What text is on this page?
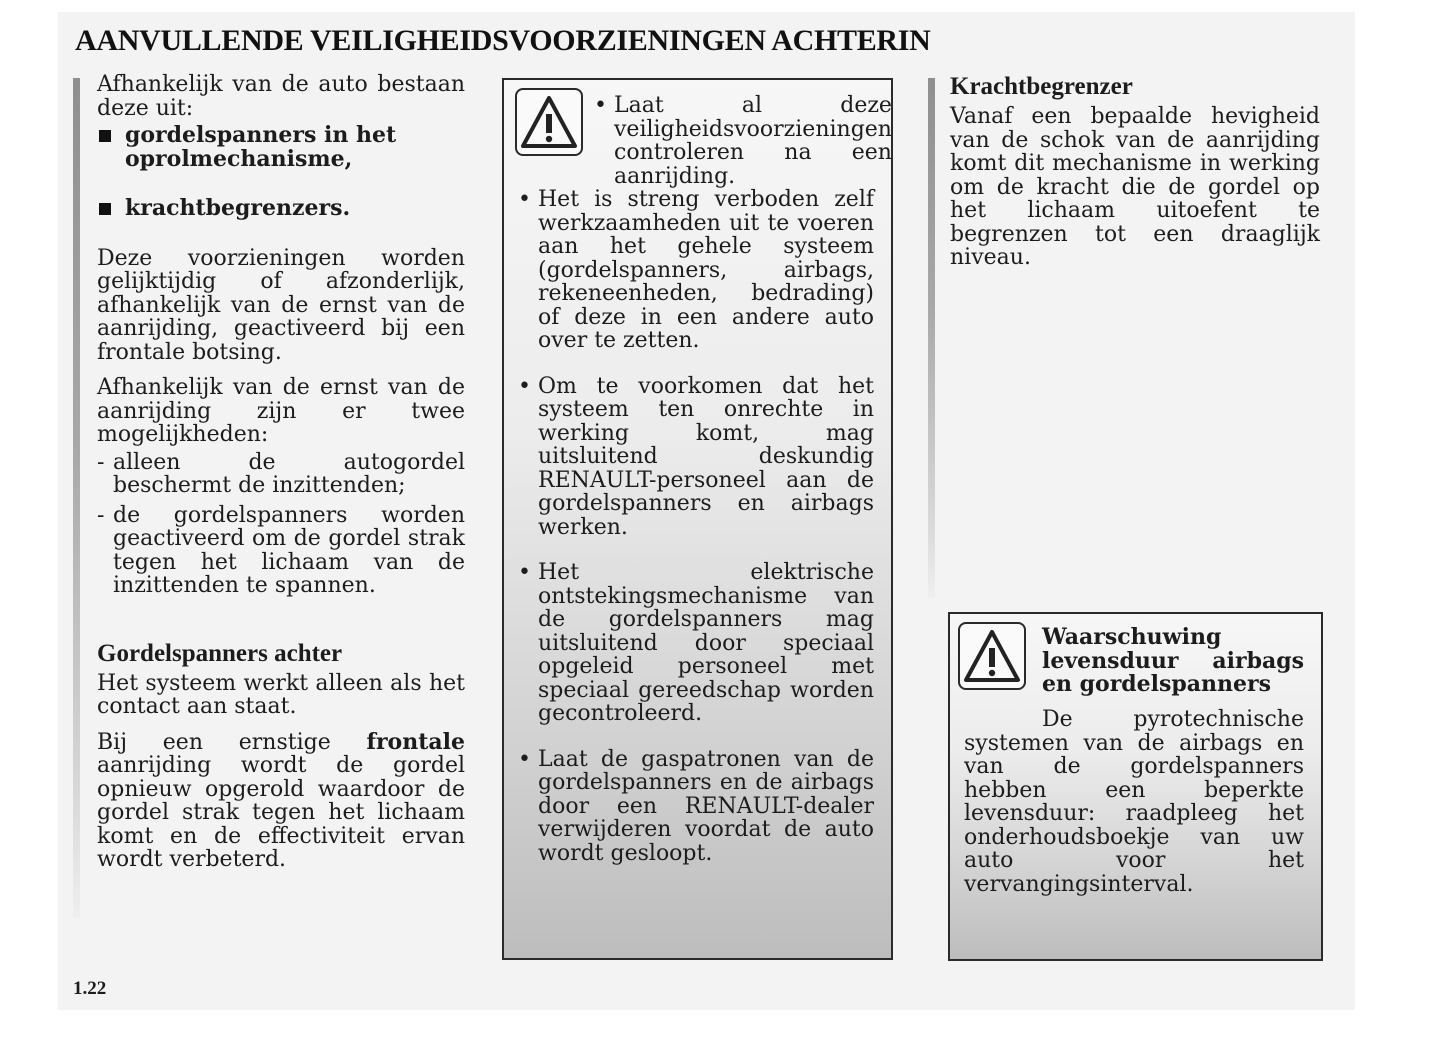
AANVULLENDE VEILIGHEIDSVOORZIENINGEN ACHTERIN

Afhankelijk van de auto bestaan deze uit:

gordelspanners in het oprolmechanisme,
krachtbegrenzers.

Deze voorzieningen worden gelijktijdig of afzonderlijk, afhankelijk van de ernst van de aanrijding, geactiveerd bij een frontale botsing.

Afhankelijk van de ernst van de aanrijding zijn er twee mogelijkheden:

- alleen de autogordel beschermt de inzittenden;
- de gordelspanners worden geactiveerd om de gordel strak tegen het lichaam van de inzittenden te spannen.
Gordelspanners achter

Het systeem werkt alleen als het contact aan staat.

Bij een ernstige frontale aanrijding wordt de gordel opnieuw opgerold waardoor de gordel strak tegen het lichaam komt en de effectiviteit ervan wordt verbeterd.

• Laat al deze veiligheidsvoorzieningen controleren na een aanrijding.
• Het is streng verboden zelf werkzaamheden uit te voeren aan het gehele systeem (gordelspanners, airbags, rekeneenheden, bedrading) of deze in een andere auto over te zetten.
• Om te voorkomen dat het systeem ten onrechte in werking komt, mag uitsluitend deskundig RENAULT-personeel aan de gordelspanners en airbags werken.
• Het elektrische ontstekingsmechanisme van de gordelspanners mag uitsluitend door speciaal opgeleid personeel met speciaal gereedschap worden gecontroleerd.
• Laat de gaspatronen van de gordelspanners en de airbags door een RENAULT-dealer verwijderen voordat de auto wordt gesloopt.
Krachtbegrenzer

Vanaf een bepaalde hevigheid van de schok van de aanrijding komt dit mechanisme in werking om de kracht die de gordel op het lichaam uitoefent te begrenzen tot een draaglijk niveau.

Waarschuwing levensduur airbags en gordelspanners
De pyrotechnische systemen van de airbags en van de gordelspanners hebben een beperkte levensduur: raadpleeg het onderhoudsboekje van uw auto voor het vervangingsinterval.
1.22
